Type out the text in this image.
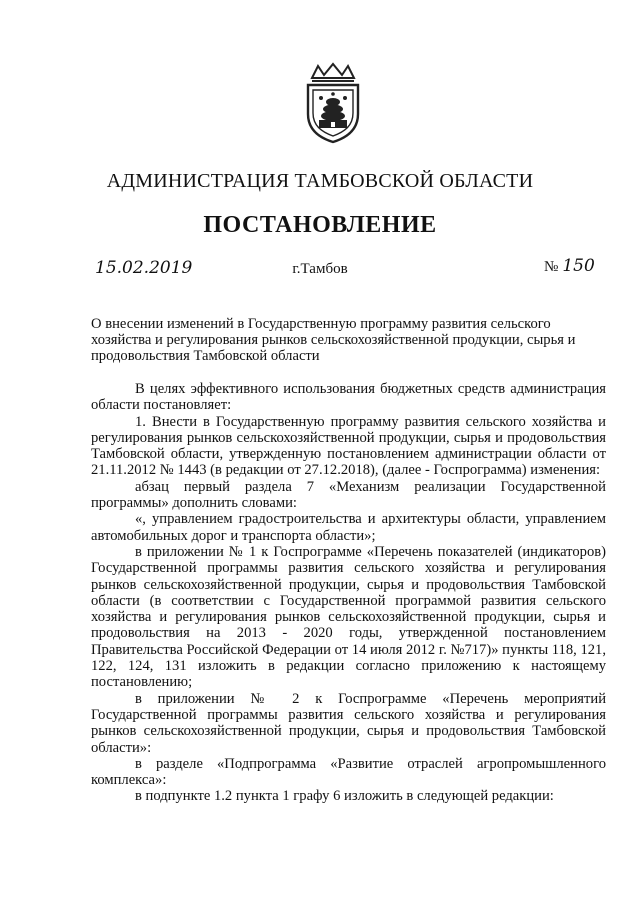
АДМИНИСТРАЦИЯ ТАМБОВСКОЙ ОБЛАСТИ
ПОСТАНОВЛЕНИЕ
15.02.2019	г.Тамбов	№ 150
О внесении изменений в Государственную программу развития сельского хозяйства и регулирования рынков сельскохозяйственной продукции, сырья и продовольствия Тамбовской области

В целях эффективного использования бюджетных средств администрация области постановляет:

1. Внести в Государственную программу развития сельского хозяйства и регулирования рынков сельскохозяйственной продукции, сырья и продовольствия Тамбовской области, утвержденную постановлением администрации области от 21.11.2012 № 1443 (в редакции от 27.12.2018), (далее - Госпрограмма) изменения:

абзац первый раздела 7 «Механизм реализации Государственной программы» дополнить словами:

«, управлением градостроительства и архитектуры области, управлением автомобильных дорог и транспорта области»;

в приложении № 1 к Госпрограмме «Перечень показателей (индикаторов) Государственной программы развития сельского хозяйства и регулирования рынков сельскохозяйственной продукции, сырья и продовольствия Тамбовской области (в соответствии с Государственной программой развития сельского хозяйства и регулирования рынков сельскохозяйственной продукции, сырья и продовольствия на 2013 - 2020 годы, утвержденной постановлением Правительства Российской Федерации от 14 июля 2012 г. №717)» пункты 118, 121, 122, 124, 131 изложить в редакции согласно приложению к настоящему постановлению;

в приложении № 2 к Госпрограмме «Перечень мероприятий Государственной программы развития сельского хозяйства и регулирования рынков сельскохозяйственной продукции, сырья и продовольствия Тамбовской области»:

в разделе «Подпрограмма «Развитие отраслей агропромышленного комплекса»:

в подпункте 1.2 пункта 1 графу 6 изложить в следующей редакции:
